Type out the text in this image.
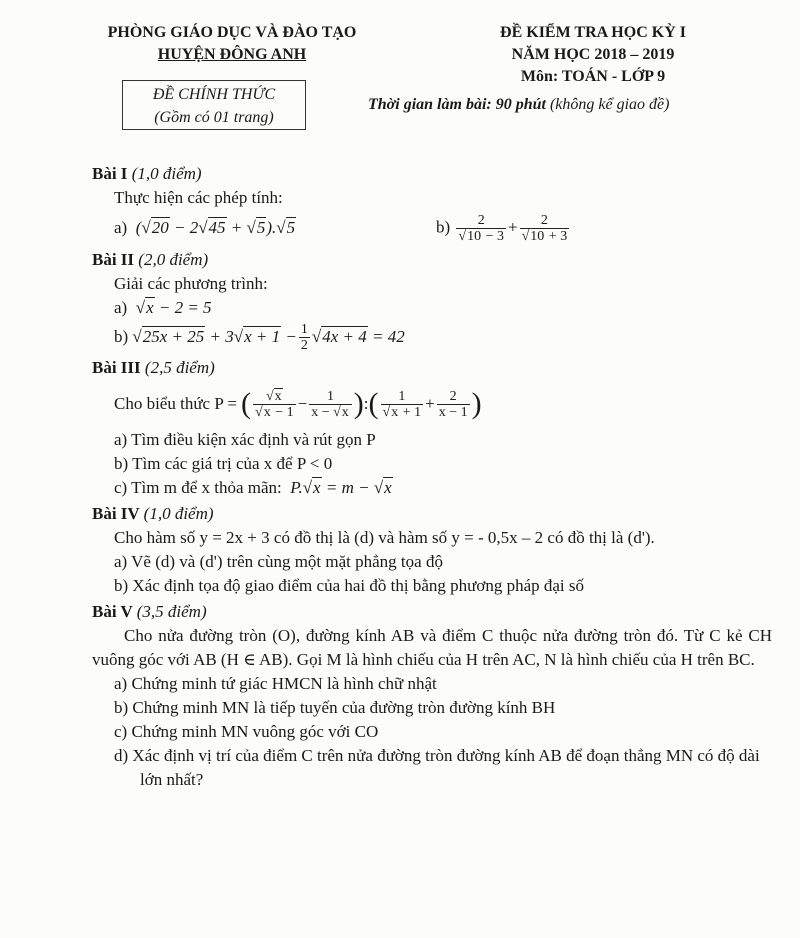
PHÒNG GIÁO DỤC VÀ ĐÀO TẠO
HUYỆN ĐÔNG ANH
ĐỀ KIỂM TRA HỌC KỲ I
NĂM HỌC 2018 – 2019
Môn: TOÁN - LỚP 9
ĐỀ CHÍNH THỨC
(Gồm có 01 trang)
Thời gian làm bài: 90 phút (không kể giao đề)
Bài I (1,0 điểm)
Thực hiện các phép tính:
a)  (√20 − 2√45 + √5).√5	$b) \frac{2}{√10 - 3} + \frac{2}{√10 + 3}$
Bài II (2,0 điểm)
Giải các phương trình:
a)  √x − 2 = 5
b) $√25x + 25 + 3√x + 1 - \frac{1}{2} √4x + 4 = 42$
Bài III (2,5 điểm)
Cho biểu thức P = ( $\frac{√x}{√x - 1} - \frac{1}{x - √x}$ ) : ( $\frac{1}{√x + 1} + \frac{2}{x - 1}$ )
a) Tìm điều kiện xác định và rút gọn P
b) Tìm các giá trị của x để P < 0
c) Tìm m để x thỏa mãn:  P.√x = m − √x
Bài IV (1,0 điểm)
Cho hàm số y = 2x + 3 có đồ thị là (d) và hàm số y = - 0,5x – 2 có đồ thị là (d').
a) Vẽ (d) và (d') trên cùng một mặt phẳng tọa độ
b) Xác định tọa độ giao điểm của hai đồ thị bằng phương pháp đại số
Bài V (3,5 điểm)
Cho nửa đường tròn (O), đường kính AB và điểm C thuộc nửa đường tròn đó. Từ C kẻ CH vuông góc với AB (H ∈ AB). Gọi M là hình chiếu của H trên AC, N là hình chiếu của H trên BC.
a) Chứng minh tứ giác HMCN là hình chữ nhật
b) Chứng minh MN là tiếp tuyến của đường tròn đường kính BH
c) Chứng minh MN vuông góc với CO
d) Xác định vị trí của điểm C trên nửa đường tròn đường kính AB để đoạn thẳng MN có độ dài lớn nhất?
